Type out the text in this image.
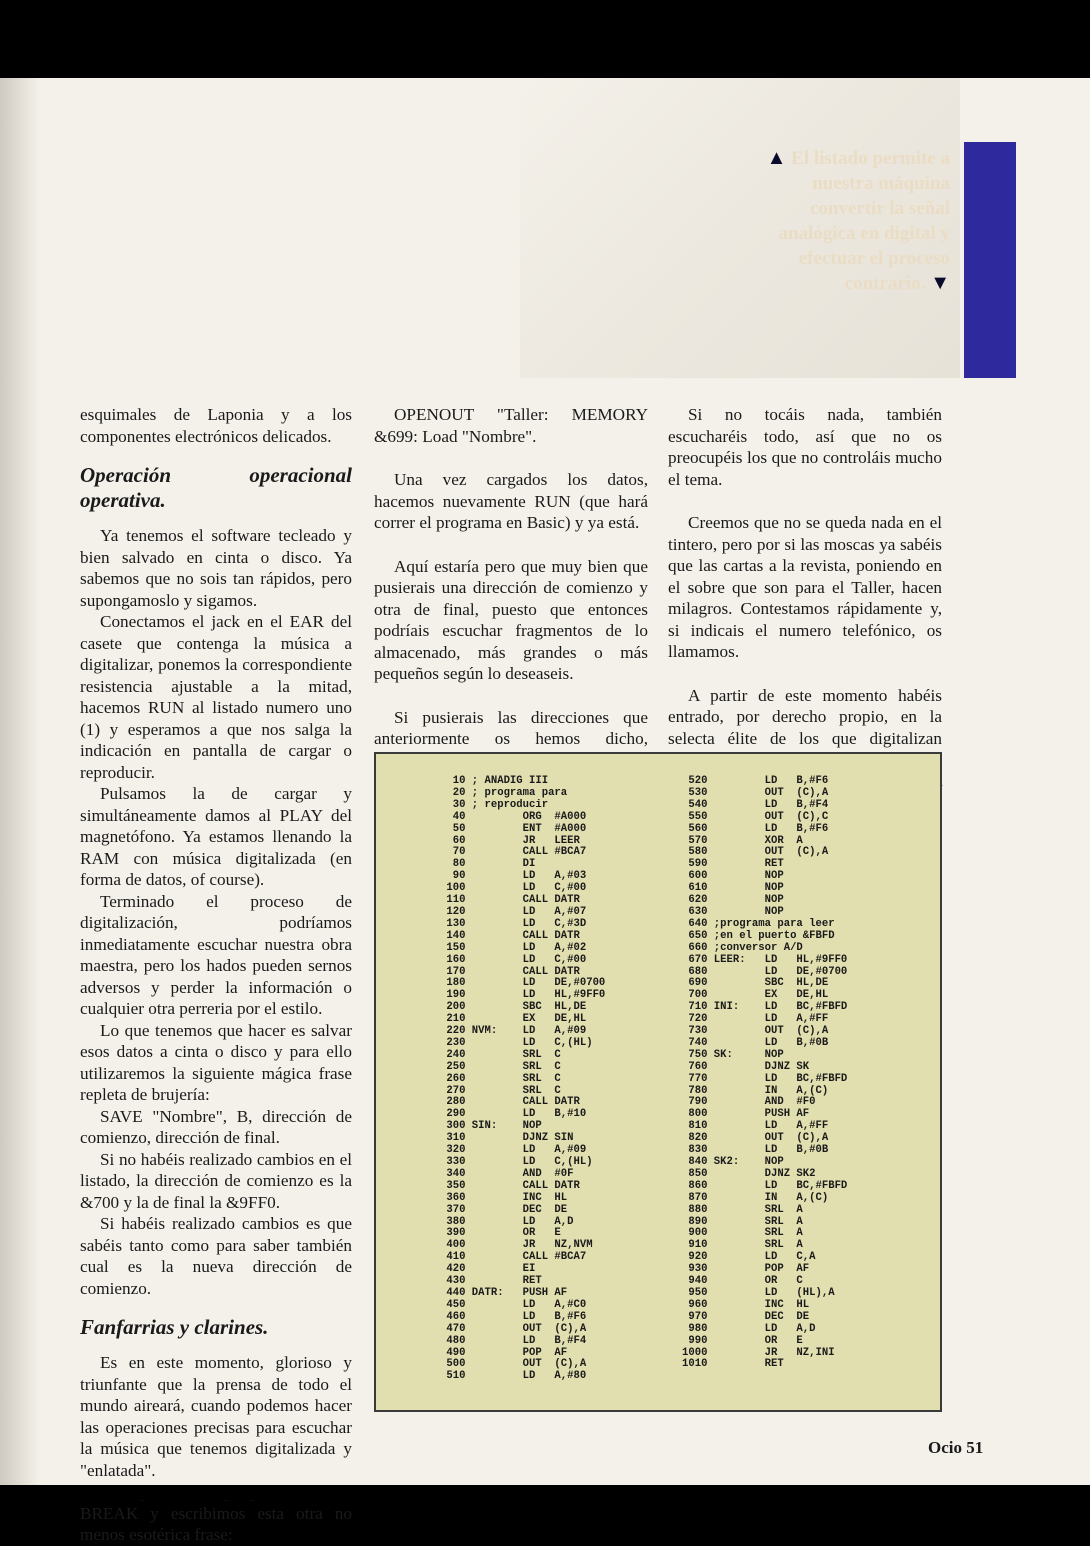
▲ El listado permite a nuestra máquina convertir la señal analógica en digital y efectuar el proceso contrario. ▼

esquimales de Laponia y a los componentes electrónicos delicados.

Operación operacional operativa.

Ya tenemos el software tecleado y bien salvado en cinta o disco. Ya sabemos que no sois tan rápidos, pero supongamoslo y sigamos.

Conectamos el jack en el EAR del casete que contenga la música a digitalizar, ponemos la correspondiente resistencia ajustable a la mitad, hacemos RUN al listado numero uno (1) y esperamos a que nos salga la indicación en pantalla de cargar o reproducir.

Pulsamos la de cargar y simultáneamente damos al PLAY del magnetófono. Ya estamos llenando la RAM con música digitalizada (en forma de datos, of course).

Terminado el proceso de digitalización, podríamos inmediatamente escuchar nuestra obra maestra, pero los hados pueden sernos adversos y perder la información o cualquier otra perreria por el estilo.

Lo que tenemos que hacer es salvar esos datos a cinta o disco y para ello utilizaremos la siguiente mágica frase repleta de brujería:

SAVE "Nombre", B, dirección de comienzo, dirección de final.

Si no habéis realizado cambios en el listado, la dirección de comienzo es la &700 y la de final la &9FF0.

Si habéis realizado cambios es que sabéis tanto como para saber también cual es la nueva dirección de comienzo.

Fanfarrias y clarines.

Es en este momento, glorioso y triunfante que la prensa de todo el mundo aireará, cuando podemos hacer las operaciones precisas para escuchar la música que tenemos digitalizada y "enlatada".

BREAK y escribimos esta otra no menos esotérica frase:

OPENOUT "Taller: MEMORY &699: Load "Nombre".

Una vez cargados los datos, hacemos nuevamente RUN (que hará correr el programa en Basic) y ya está.

Aquí estaría pero que muy bien que pusierais una dirección de comienzo y otra de final, puesto que entonces podríais escuchar fragmentos de lo almacenado, más grandes o más pequeños según lo deseaseis.

Si pusierais las direcciones que anteriormente os hemos dicho,

Si no tocáis nada, también escucharéis todo, así que no os preocupéis los que no controláis mucho el tema.

Creemos que no se queda nada en el tintero, pero por si las moscas ya sabéis que las cartas a la revista, poniendo en el sobre que son para el Taller, hacen milagros. Contestamos rápidamente y, si indicais el numero telefónico, os llamamos.

A partir de este momento habéis entrado, por derecho propio, en la selecta élite de los que digitalizan

10 ; ANADIG III
20 ; programa para
30 ; reproducir
40         ORG  #A000
50         ENT  #A000
60         JR   LEER
70         CALL #BCA7
80         DI
90         LD   A,#03
100         LD   C,#00
110         CALL DATR
120         LD   A,#07
130         LD   C,#3D
140         CALL DATR
150         LD   A,#02
160         LD   C,#00
170         CALL DATR
180         LD   DE,#0700
190         LD   HL,#9FF0
200         SBC  HL,DE
210         EX   DE,HL
220 NVM:    LD   A,#09
230         LD   C,(HL)
240         SRL  C
250         SRL  C
260         SRL  C
270         SRL  C
280         CALL DATR
290         LD   B,#10
300 SIN:    NOP
310         DJNZ SIN
320         LD   A,#09
330         LD   C,(HL)
340         AND  #0F
350         CALL DATR
360         INC  HL
370         DEC  DE
380         LD   A,D
390         OR   E
400         JR   NZ,NVM
410         CALL #BCA7
420         EI
430         RET
440 DATR:   PUSH AF
450         LD   A,#C0
460         LD   B,#F6
470         OUT  (C),A
480         LD   B,#F4
490         POP  AF
500         OUT  (C),A
510         LD   A,#80
520         LD   B,#F6
530         OUT  (C),A
540         LD   B,#F4
550         OUT  (C),C
560         LD   B,#F6
570         XOR  A
580         OUT  (C),A
590         RET
600         NOP
610         NOP
620         NOP
630         NOP
640 ;programa para leer
650 ;en el puerto &FBFD
660 ;conversor A/D
670 LEER:   LD   HL,#9FF0
680         LD   DE,#0700
690         SBC  HL,DE
700         EX   DE,HL
710 INI:    LD   BC,#FBFD
720         LD   A,#FF
730         OUT  (C),A
740         LD   B,#0B
750 SK:     NOP
760         DJNZ SK
770         LD   BC,#FBFD
780         IN   A,(C)
790         AND  #F0
800         PUSH AF
810         LD   A,#FF
820         OUT  (C),A
830         LD   B,#0B
840 SK2:    NOP
850         DJNZ SK2
860         LD   BC,#FBFD
870         IN   A,(C)
880         SRL  A
890         SRL  A
900         SRL  A
910         SRL  A
920         LD   C,A
930         POP  AF
940         OR   C
950         LD   (HL),A
960         INC  HL
970         DEC  DE
980         LD   A,D
990         OR   E
1000         JR   NZ,INI
1010         RET
Ocio 51
